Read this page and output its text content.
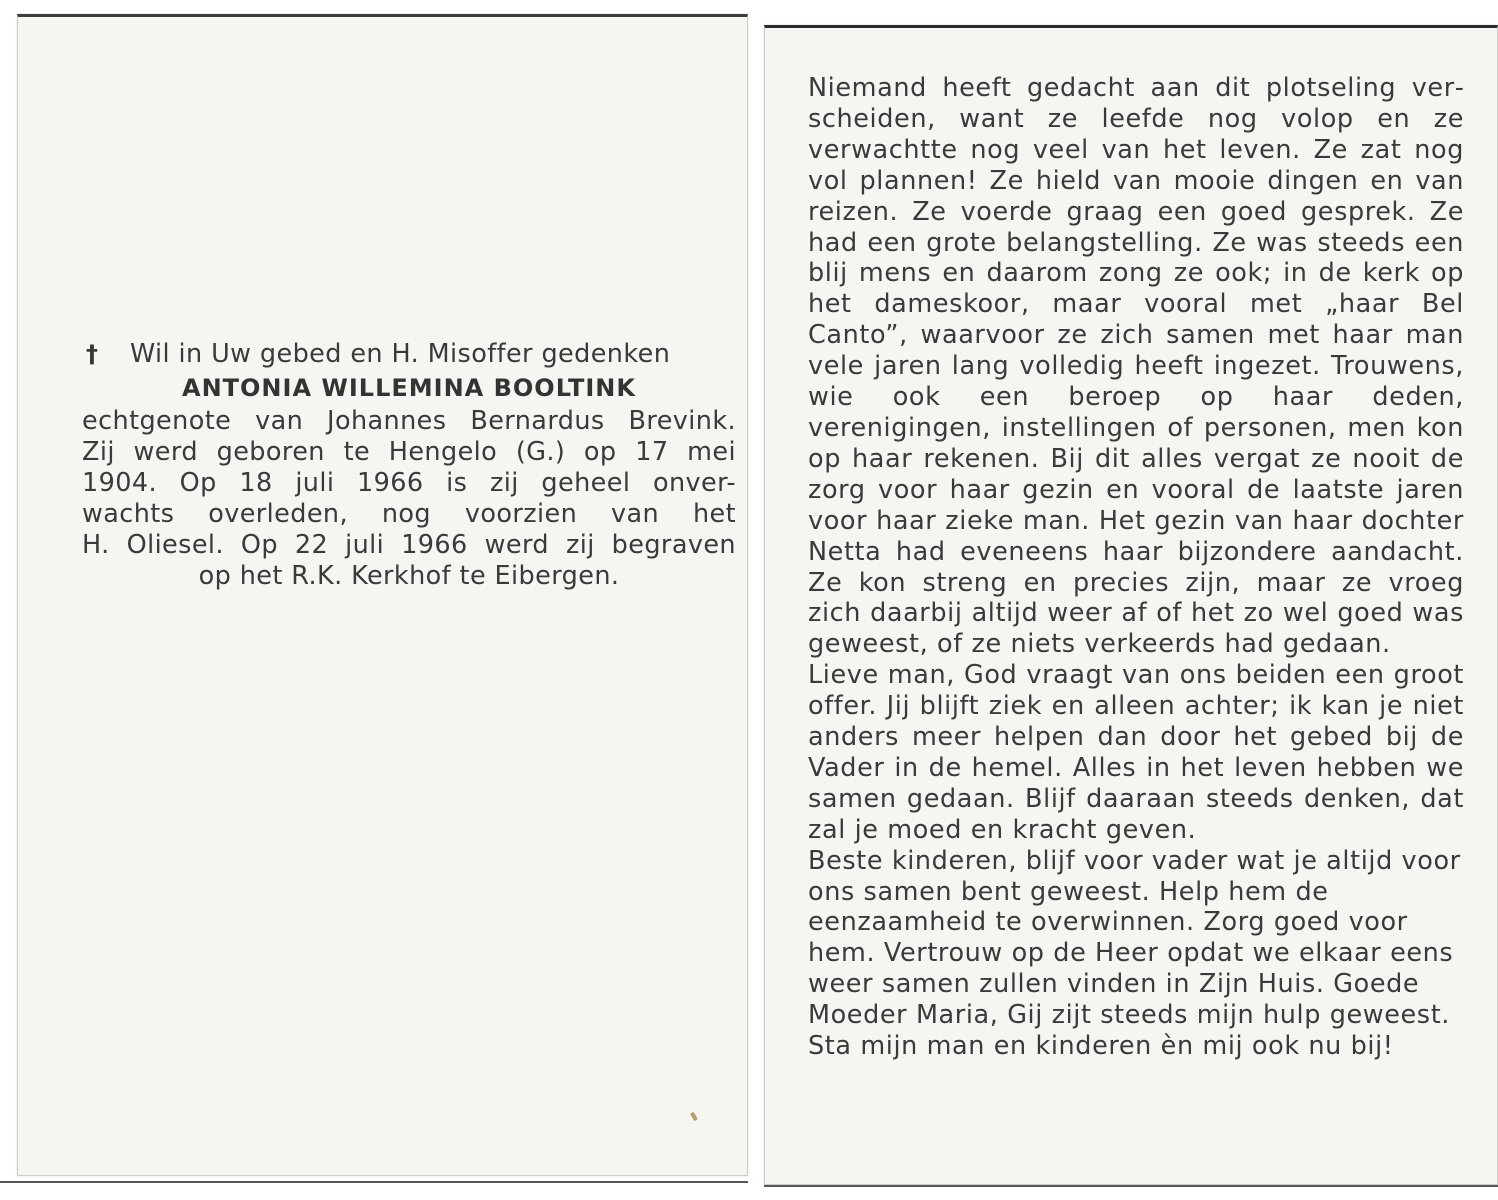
†	Wil in Uw gebed en H. Misoffer gedenken
ANTONIA WILLEMINA BOOLTINK

echtgenote van Johannes Bernardus Brevink.

Zij werd geboren te Hengelo (G.) op 17 mei

1904. Op 18 juli 1966 is zij geheel onver-

wachts overleden, nog voorzien van het

H. Oliesel. Op 22 juli 1966 werd zij begraven

op het R.K. Kerkhof te Eibergen.

Niemand heeft gedacht aan dit plotseling verscheiden, want ze leefde nog volop en ze verwachtte nog veel van het leven. Ze zat nog vol plannen! Ze hield van mooie dingen en van reizen. Ze voerde graag een goed gesprek. Ze had een grote belangstelling. Ze was steeds een blij mens en daarom zong ze ook; in de kerk op het dameskoor, maar vooral met „haar Bel Canto”, waarvoor ze zich samen met haar man vele jaren lang volledig heeft ingezet. Trouwens, wie ook een beroep op haar deden, verenigingen, instellingen of personen, men kon op haar rekenen. Bij dit alles vergat ze nooit de zorg voor haar gezin en vooral de laatste jaren voor haar zieke man. Het gezin van haar dochter Netta had eveneens haar bijzondere aandacht. Ze kon streng en precies zijn, maar ze vroeg zich daarbij altijd weer af of het zo wel goed was geweest, of ze niets verkeerds had gedaan.

Lieve man, God vraagt van ons beiden een groot offer. Jij blijft ziek en alleen achter; ik kan je niet anders meer helpen dan door het gebed bij de Vader in de hemel. Alles in het leven hebben we samen gedaan. Blijf daaraan steeds denken, dat zal je moed en kracht geven.

Beste kinderen, blijf voor vader wat je altijd voor ons samen bent geweest. Help hem de eenzaamheid te overwinnen. Zorg goed voor hem. Vertrouw op de Heer opdat we elkaar eens weer samen zullen vinden in Zijn Huis. Goede Moeder Maria, Gij zijt steeds mijn hulp geweest. Sta mijn man en kinderen èn mij ook nu bij!
